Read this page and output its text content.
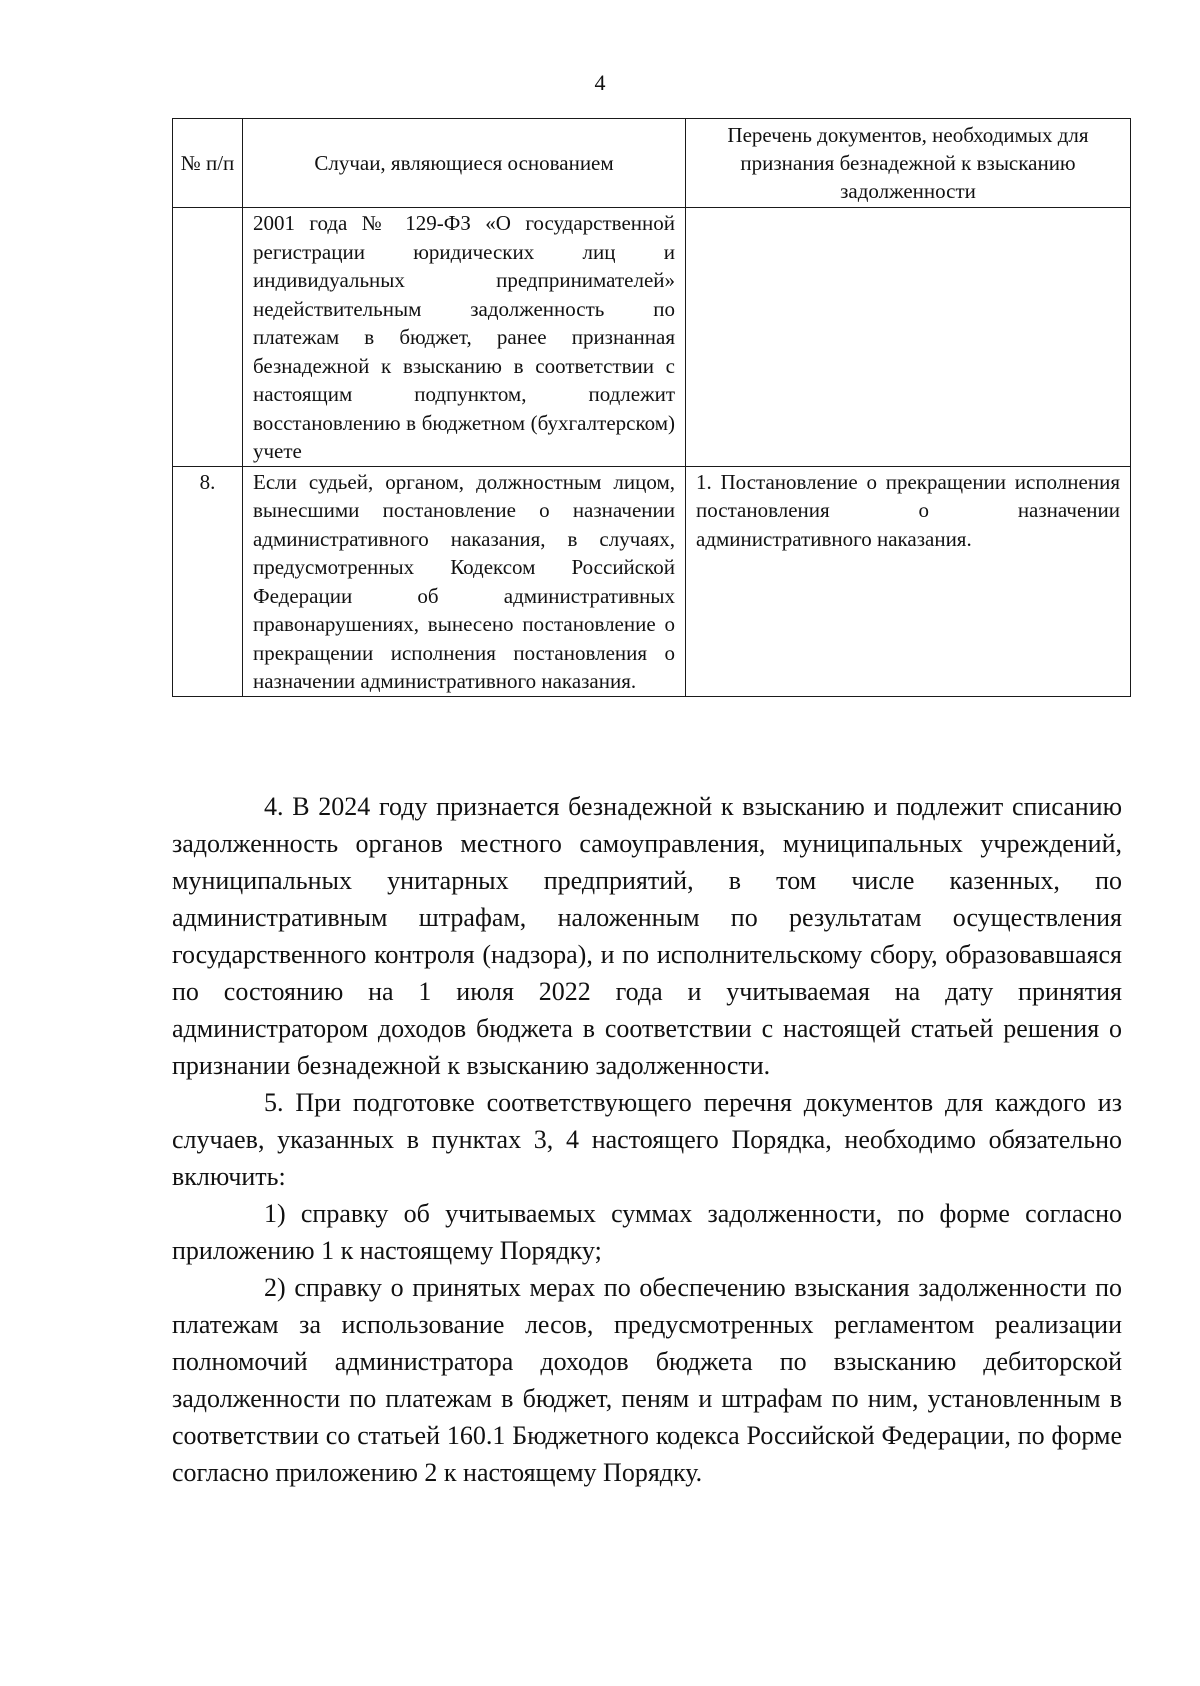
4
№ п/п	Случаи, являющиеся основанием	Перечень документов, необходимых для признания безнадежной к взысканию задолженности
	2001 года № 129-ФЗ «О государственной регистрации юридических лиц и индивидуальных предпринимателей» недействительным задолженность по платежам в бюджет, ранее признанная безнадежной к взысканию в соответствии с настоящим подпунктом, подлежит восстановлению в бюджетном (бухгалтерском) учете	
8.	Если судьей, органом, должностным лицом, вынесшими постановление о назначении административного наказания, в случаях, предусмотренных Кодексом Российской Федерации об административных правонарушениях, вынесено постановление о прекращении исполнения постановления о назначении административного наказания.	1. Постановление о прекращении исполнения постановления о назначении административного наказания.

4. В 2024 году признается безнадежной к взысканию и подлежит списанию задолженность органов местного самоуправления, муниципальных учреждений, муниципальных унитарных предприятий, в том числе казенных, по административным штрафам, наложенным по результатам осуществления государственного контроля (надзора), и по исполнительскому сбору, образовавшаяся по состоянию на 1 июля 2022 года и учитываемая на дату принятия администратором доходов бюджета в соответствии с настоящей статьей решения о признании безнадежной к взысканию задолженности.

5. При подготовке соответствующего перечня документов для каждого из случаев, указанных в пунктах 3, 4 настоящего Порядка, необходимо обязательно включить:

1) справку об учитываемых суммах задолженности, по форме согласно приложению 1 к настоящему Порядку;

2) справку о принятых мерах по обеспечению взыскания задолженности по платежам за использование лесов, предусмотренных регламентом реализации полномочий администратора доходов бюджета по взысканию дебиторской задолженности по платежам в бюджет, пеням и штрафам по ним, установленным в соответствии со статьей 160.1 Бюджетного кодекса Российской Федерации, по форме согласно приложению 2 к настоящему Порядку.
